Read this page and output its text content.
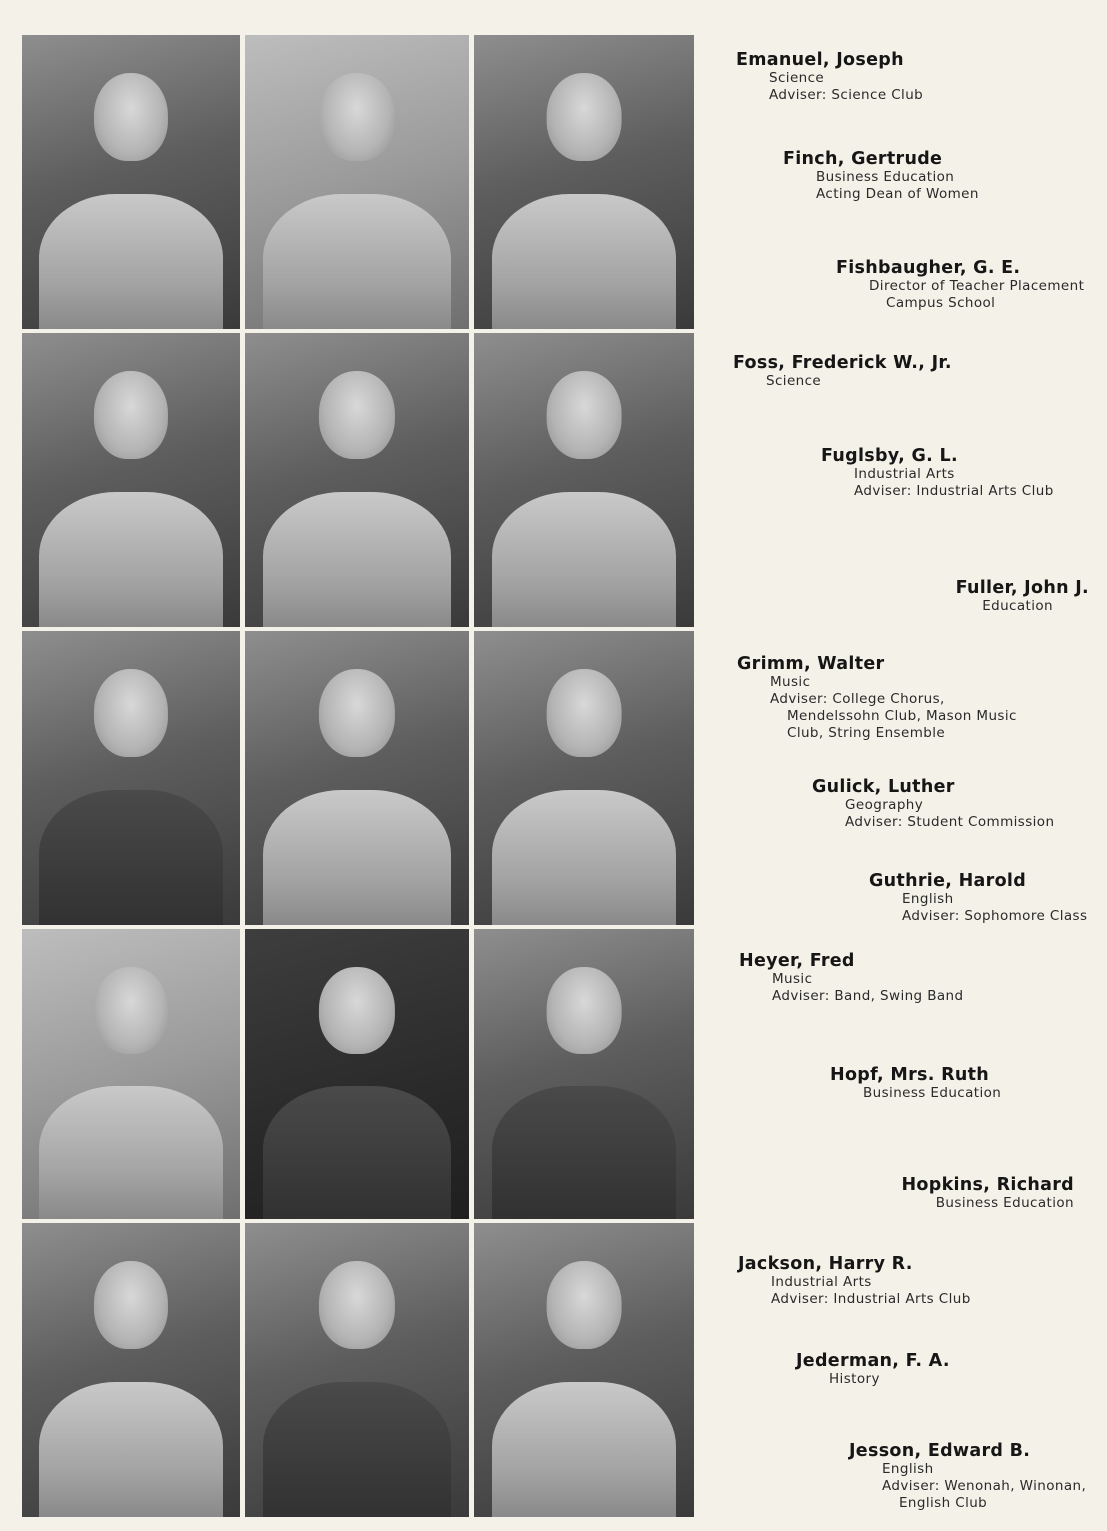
Emanuel, Joseph
Science
Adviser: Science Club
Finch, Gertrude
Business Education
Acting Dean of Women
Fishbaugher, G. E.
Director of Teacher Placement
Campus School
Foss, Frederick W., Jr.
Science
Fuglsby, G. L.
Industrial Arts
Adviser: Industrial Arts Club
Fuller, John J.
Education
Grimm, Walter
Music
Adviser: College Chorus,
Mendelssohn Club, Mason Music
Club, String Ensemble
Gulick, Luther
Geography
Adviser: Student Commission
Guthrie, Harold
English
Adviser: Sophomore Class
Heyer, Fred
Music
Adviser: Band, Swing Band
Hopf, Mrs. Ruth
Business Education
Hopkins, Richard
Business Education
Jackson, Harry R.
Industrial Arts
Adviser: Industrial Arts Club
Jederman, F. A.
History
Jesson, Edward B.
English
Adviser: Wenonah, Winonan,
English Club
